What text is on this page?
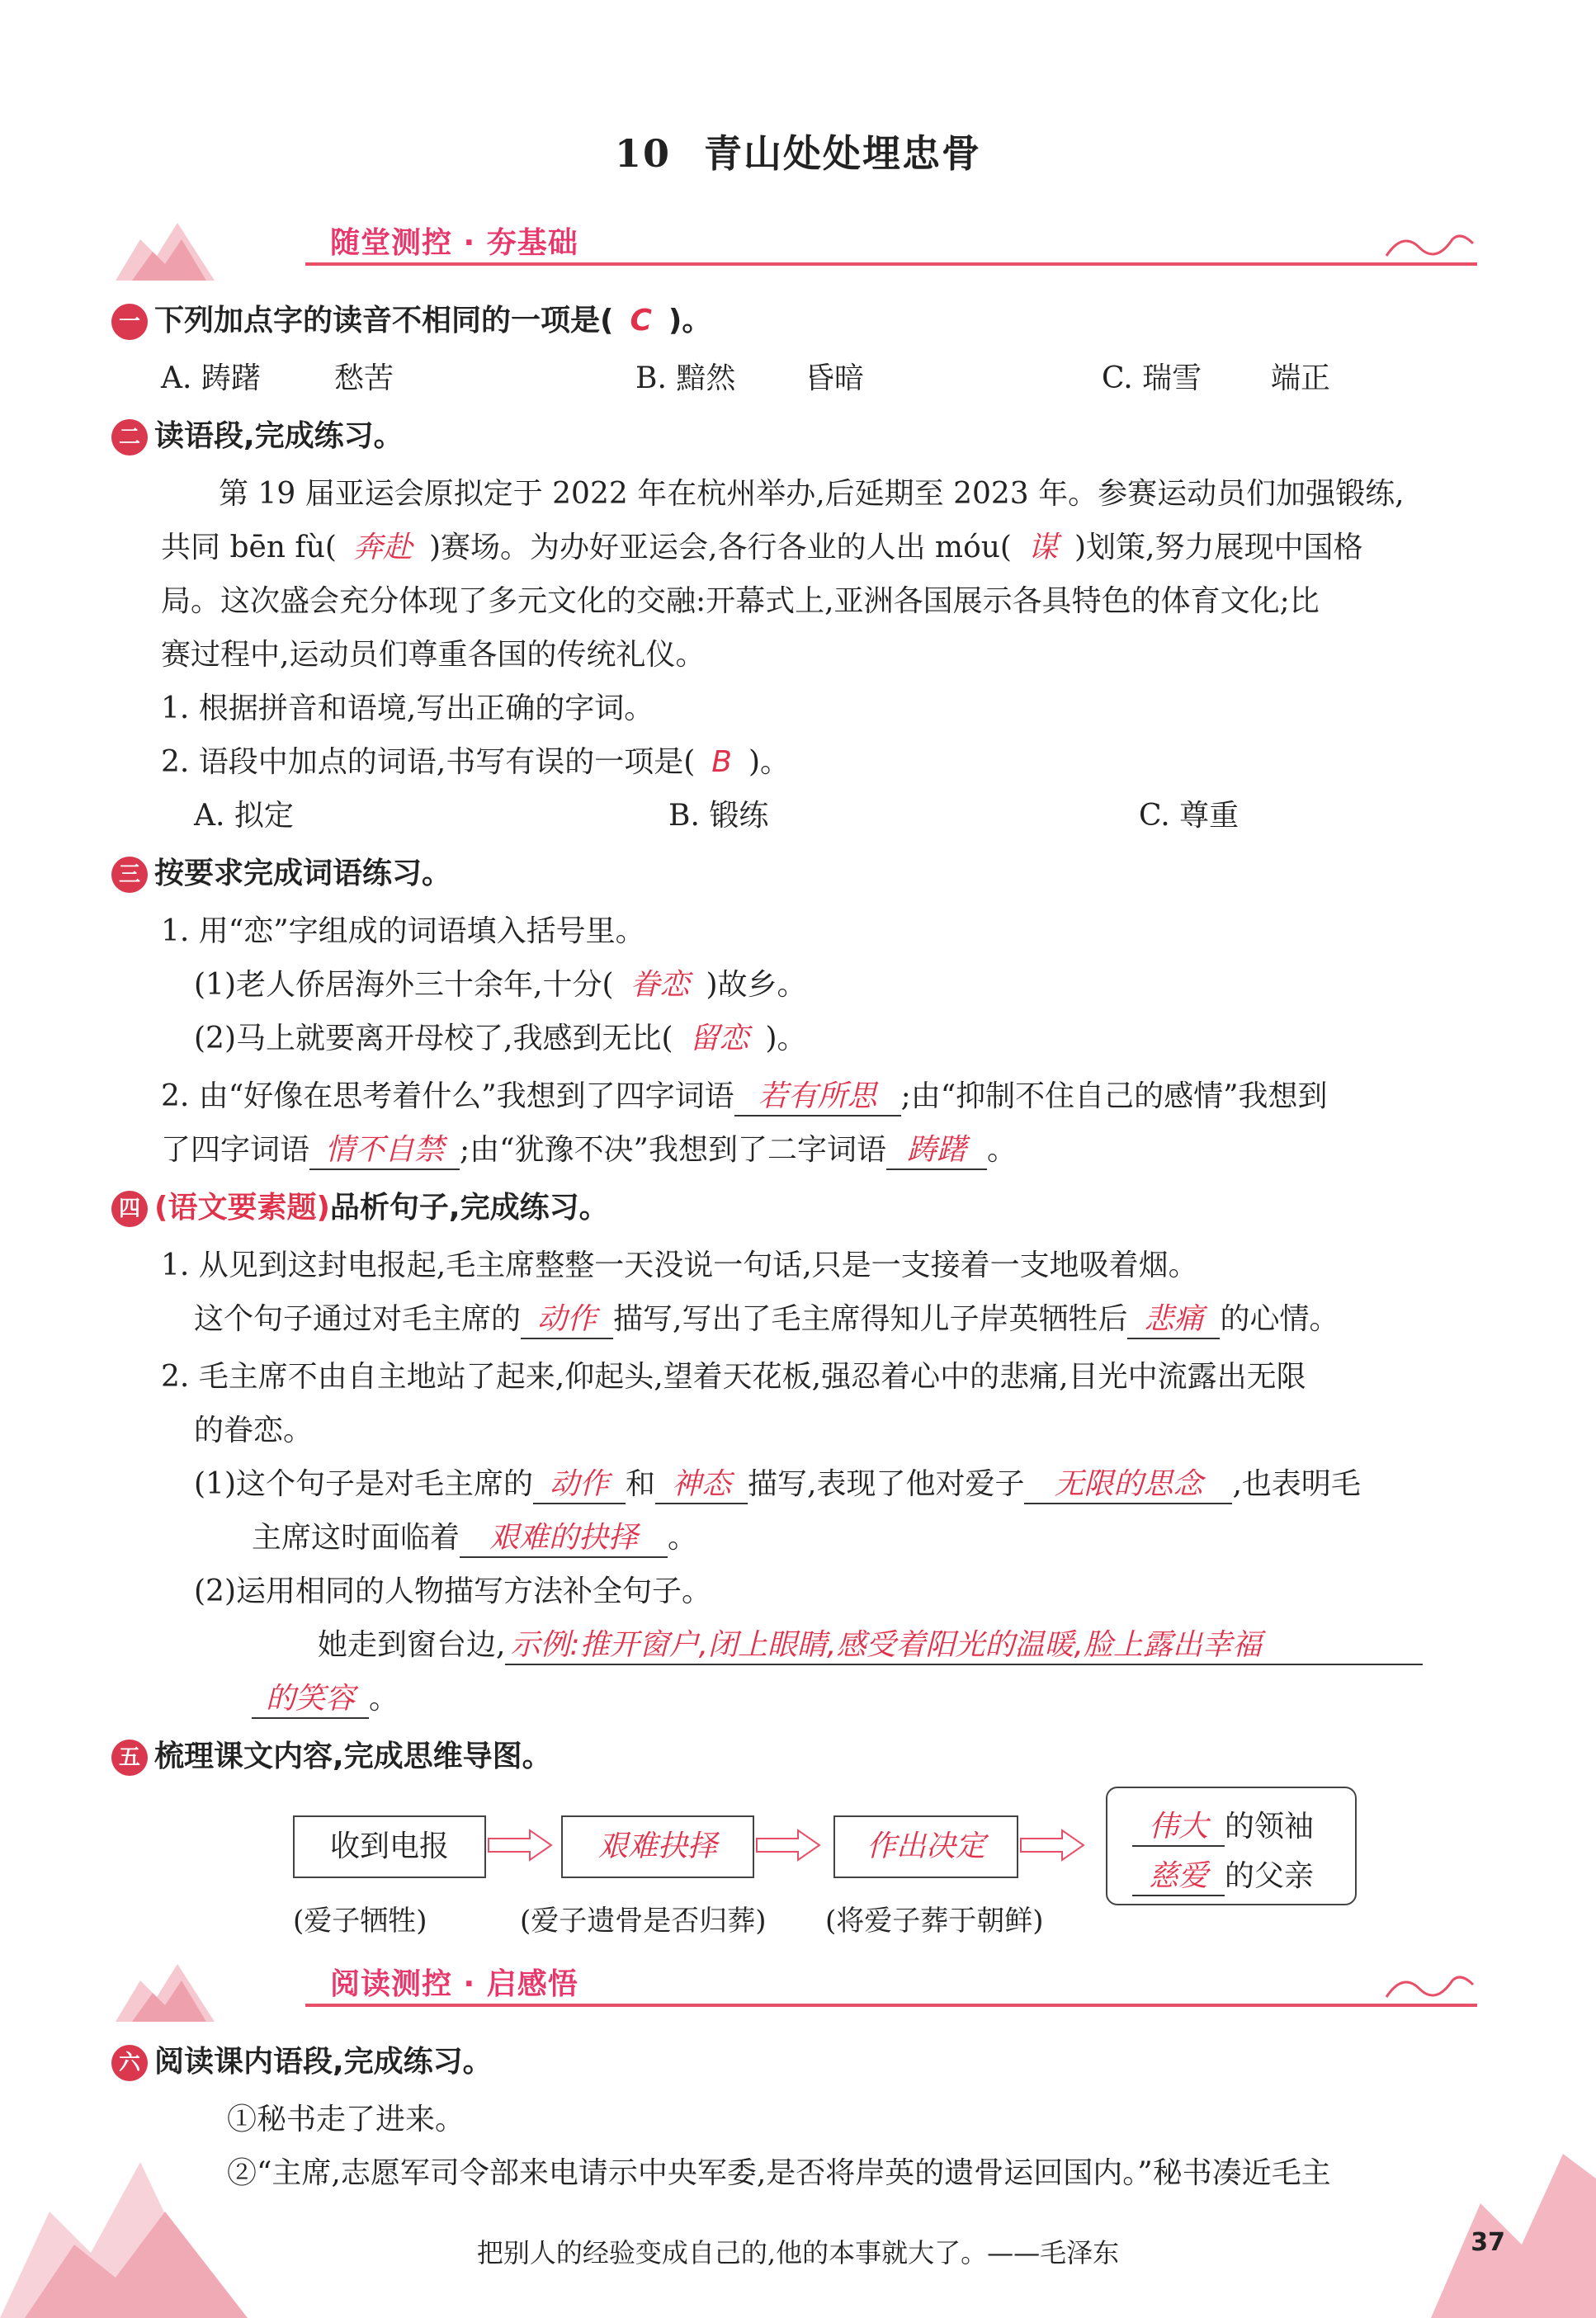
10 青山处处埋忠骨
随堂测控 · 夯基础
一 下列加点字的读音不相同的一项是( C )。
A. 踌躇 愁苦	B. 黯然 昏暗	C. 瑞雪 端正
二 读语段,完成练习。
第 19 届亚运会原拟定于 2022 年在杭州举办,后延期至 2023 年。参赛运动员们加强锻练,
共同 bēn fù( 奔赴 )赛场。为办好亚运会,各行各业的人出 móu( 谋 )划策,努力展现中国格
局。这次盛会充分体现了多元文化的交融:开幕式上,亚洲各国展示各具特色的体育文化;比
赛过程中,运动员们尊重各国的传统礼仪。
1. 根据拼音和语境,写出正确的字词。
2. 语段中加点的词语,书写有误的一项是( B )。
A. 拟定	B. 锻练	C. 尊重
三 按要求完成词语练习。
1. 用“恋”字组成的词语填入括号里。
(1)老人侨居海外三十余年,十分( 眷恋 )故乡。
(2)马上就要离开母校了,我感到无比( 留恋 )。
2. 由“好像在思考着什么”我想到了四字词语 若有所思 ;由“抑制不住自己的感情”我想到
了四字词语 情不自禁 ;由“犹豫不决”我想到了二字词语 踌躇 。
四 (语文要素题)品析句子,完成练习。
1. 从见到这封电报起,毛主席整整一天没说一句话,只是一支接着一支地吸着烟。
这个句子通过对毛主席的 动作 描写,写出了毛主席得知儿子岸英牺牲后 悲痛 的心情。
2. 毛主席不由自主地站了起来,仰起头,望着天花板,强忍着心中的悲痛,目光中流露出无限
的眷恋。
(1)这个句子是对毛主席的 动作 和 神态 描写,表现了他对爱子 无限的思念 ,也表明毛
主席这时面临着 艰难的抉择 。
(2)运用相同的人物描写方法补全句子。
她走到窗台边, 示例:推开窗户,闭上眼睛,感受着阳光的温暖,脸上露出幸福
的笑容 。
五 梳理课文内容,完成思维导图。
收到电报	艰难抉择	作出决定
伟大 的领袖
慈爱 的父亲
(爱子牺牲)	(爱子遗骨是否归葬) (将爱子葬于朝鲜)
阅读测控 · 启感悟
六 阅读课内语段,完成练习。
①秘书走了进来。
②“主席,志愿军司令部来电请示中央军委,是否将岸英的遗骨运回国内。”秘书凑近毛主
把别人的经验变成自己的,他的本事就大了。——毛泽东	37
